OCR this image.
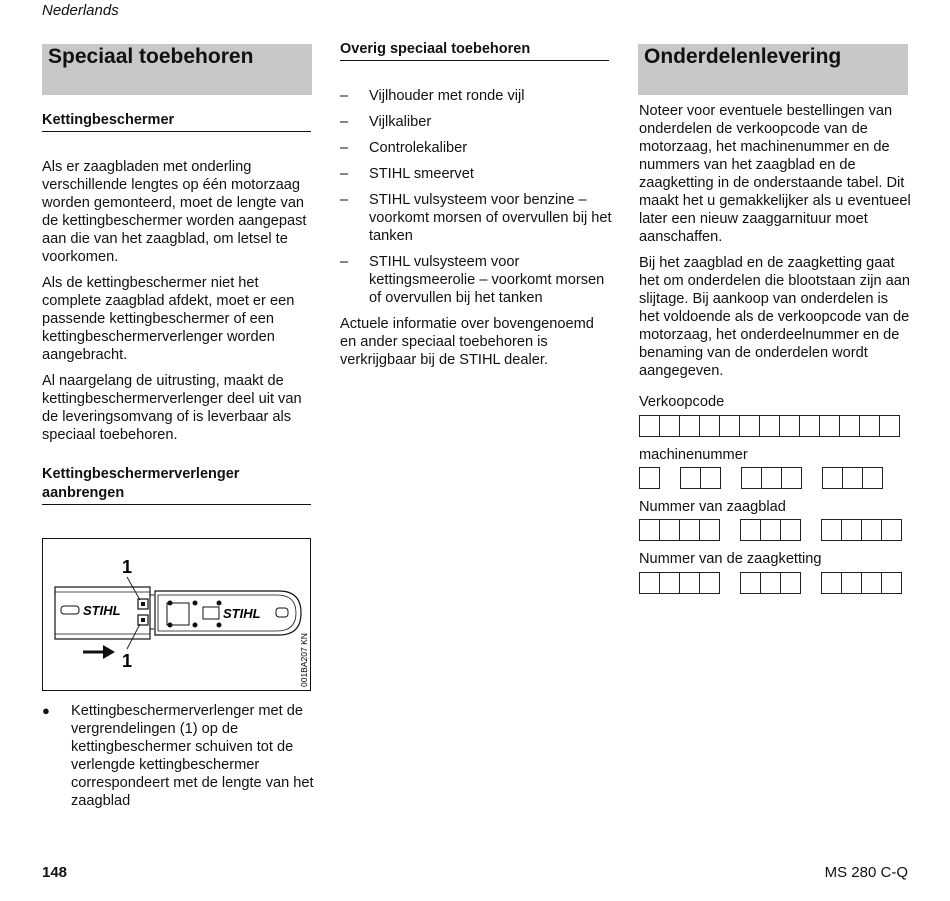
Nederlands
Speciaal toebehoren
Kettingbeschermer

Als er zaagbladen met onderling verschillende lengtes op één motorzaag worden gemonteerd, moet de lengte van de kettingbeschermer worden aangepast aan die van het zaagblad, om letsel te voorkomen.

Als de kettingbeschermer niet het complete zaagblad afdekt, moet er een passende kettingbeschermer of een kettingbeschermerverlenger worden aangebracht.

Al naargelang de uitrusting, maakt de kettingbeschermerverlenger deel uit van de leveringsomvang of is leverbaar als speciaal toebehoren.

Kettingbeschermerverlenger aanbrengen
1
1
STIHL	STIHL
001BA207 KN
● Kettingbeschermerverlenger met de vergrendelingen (1) op de kettingbeschermer schuiven tot de verlengde kettingbeschermer correspondeert met de lengte van het zaagblad
Overig speciaal toebehoren
– Vijlhouder met ronde vijl
– Vijlkaliber
– Controlekaliber
– STIHL smeervet
– STIHL vulsysteem voor benzine – voorkomt morsen of overvullen bij het tanken
– STIHL vulsysteem voor kettingsmeerolie – voorkomt morsen of overvullen bij het tanken
Actuele informatie over bovengenoemd en ander speciaal toebehoren is verkrijgbaar bij de STIHL dealer.
Onderdelenlevering

Noteer voor eventuele bestellingen van onderdelen de verkoopcode van de motorzaag, het machinenummer en de nummers van het zaagblad en de zaagketting in de onderstaande tabel. Dit maakt het u gemakkelijker als u eventueel later een nieuw zaaggarnituur moet aanschaffen.

Bij het zaagblad en de zaagketting gaat het om onderdelen die blootstaan zijn aan slijtage. Bij aankoop van onderdelen is het voldoende als de verkoopcode van de motorzaag, het onderdeelnummer en de benaming van de onderdelen wordt aangegeven.

Verkoopcode
machinenummer
Nummer van zaagblad
Nummer van de zaagketting
148	MS 280 C-Q
